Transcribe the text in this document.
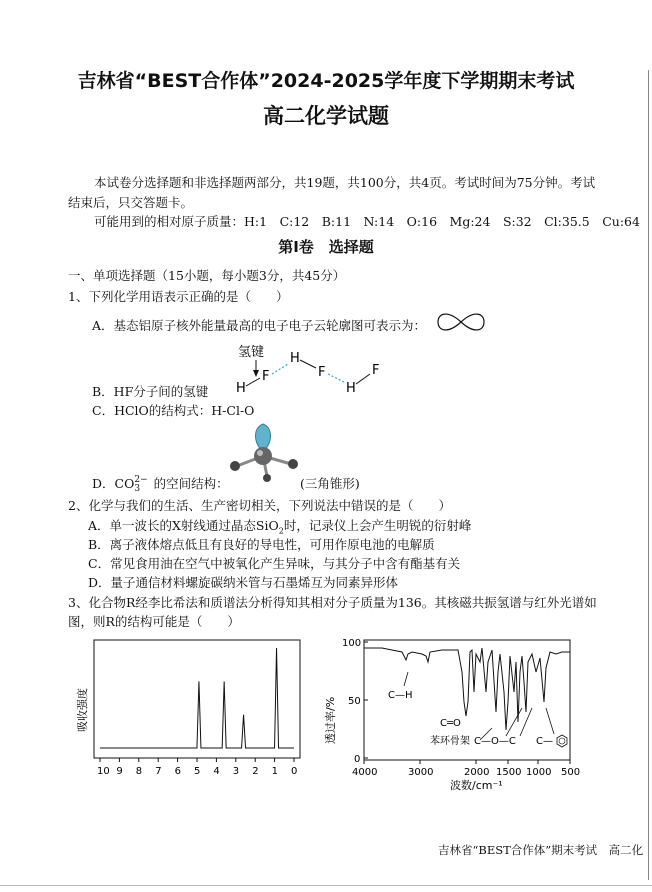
吉林省“BEST合作体”2024-2025学年度下学期期末考试
高二化学试题
本试卷分选择题和非选择题两部分，共19题，共100分，共4页。考试时间为75分钟。考试
结束后，只交答题卡。
可能用到的相对原子质量：H:1　C:12　B:11　N:14　O:16　Mg:24　S:32　Cl:35.5　Cu:64
第Ⅰ卷　选择题
一、单项选择题（15小题，每小题3分，共45分）
1、下列化学用语表示正确的是（　　）
A．基态铝原子核外能量最高的电子电子云轮廓图可表示为：
氢键
H
F
H
F
H
F
B．HF分子间的氢键
C．HClO的结构式：H-Cl-O
D．CO 2−
3	的空间结构：	(三角锥形)
2、化学与我们的生活、生产密切相关，下列说法中错误的是（　　）
A．单一波长的X射线通过晶态SiO$_2$时，记录仪上会产生明锐的衍射峰
B．离子液体熔点低且有良好的导电性，可用作原电池的电解质
C．常见食用油在空气中被氧化产生异味，与其分子中含有酯基有关
D．量子通信材料螺旋碳纳米管与石墨烯互为同素异形体
3、化合物R经李比希法和质谱法分析得知其相对分子质量为136。其核磁共振氢谱与红外光谱如
图，则R的结构可能是（　　）
吸收强度
10 9 8 7 6 5 4 3 2 1 0
透过率/%
100
50
0
4000	3000	2000 1500 1000 500
波数/cm⁻¹
C—H
C═O
苯环骨架 C—O—C C—
吉林省“BEST合作体”期末考试　高二化
